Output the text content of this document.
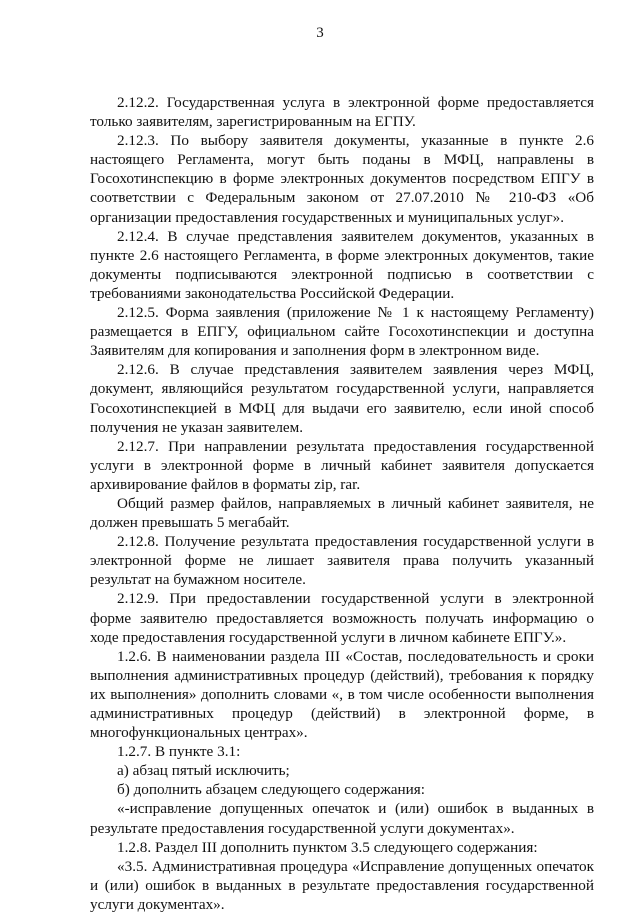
3

2.12.2. Государственная услуга в электронной форме предоставляется только заявителям, зарегистрированным на ЕГПУ.

2.12.3. По выбору заявителя документы, указанные в пункте 2.6 настоящего Регламента, могут быть поданы в МФЦ, направлены в Госохотинспекцию в форме электронных документов посредством ЕПГУ в соответствии с Федеральным законом от 27.07.2010 № 210-ФЗ «Об организации предоставления государственных и муниципальных услуг».

2.12.4. В случае представления заявителем документов, указанных в пункте 2.6 настоящего Регламента, в форме электронных документов, такие документы подписываются электронной подписью в соответствии с требованиями законодательства Российской Федерации.

2.12.5. Форма заявления (приложение № 1 к настоящему Регламенту) размещается в ЕПГУ, официальном сайте Госохотинспекции и доступна Заявителям для копирования и заполнения форм в электронном виде.

2.12.6. В случае представления заявителем заявления через МФЦ, документ, являющийся результатом государственной услуги, направляется Госохотинспекцией в МФЦ для выдачи его заявителю, если иной способ получения не указан заявителем.

2.12.7. При направлении результата предоставления государственной услуги в электронной форме в личный кабинет заявителя допускается архивирование файлов в форматы zip, rar.

Общий размер файлов, направляемых в личный кабинет заявителя, не должен превышать 5 мегабайт.

2.12.8. Получение результата предоставления государственной услуги в электронной форме не лишает заявителя права получить указанный результат на бумажном носителе.

2.12.9. При предоставлении государственной услуги в электронной форме заявителю предоставляется возможность получать информацию о ходе предоставления государственной услуги в личном кабинете ЕПГУ.».

1.2.6. В наименовании раздела III «Состав, последовательность и сроки выполнения административных процедур (действий), требования к порядку их выполнения» дополнить словами «, в том числе особенности выполнения административных процедур (действий) в электронной форме, в многофункциональных центрах».

1.2.7. В пункте 3.1:

а) абзац пятый исключить;

б) дополнить абзацем следующего содержания:

«-исправление допущенных опечаток и (или) ошибок в выданных в результате предоставления государственной услуги документах».

1.2.8. Раздел III дополнить пунктом 3.5 следующего содержания:

«3.5. Административная процедура «Исправление допущенных опечаток и (или) ошибок в выданных в результате предоставления государственной услуги документах».
